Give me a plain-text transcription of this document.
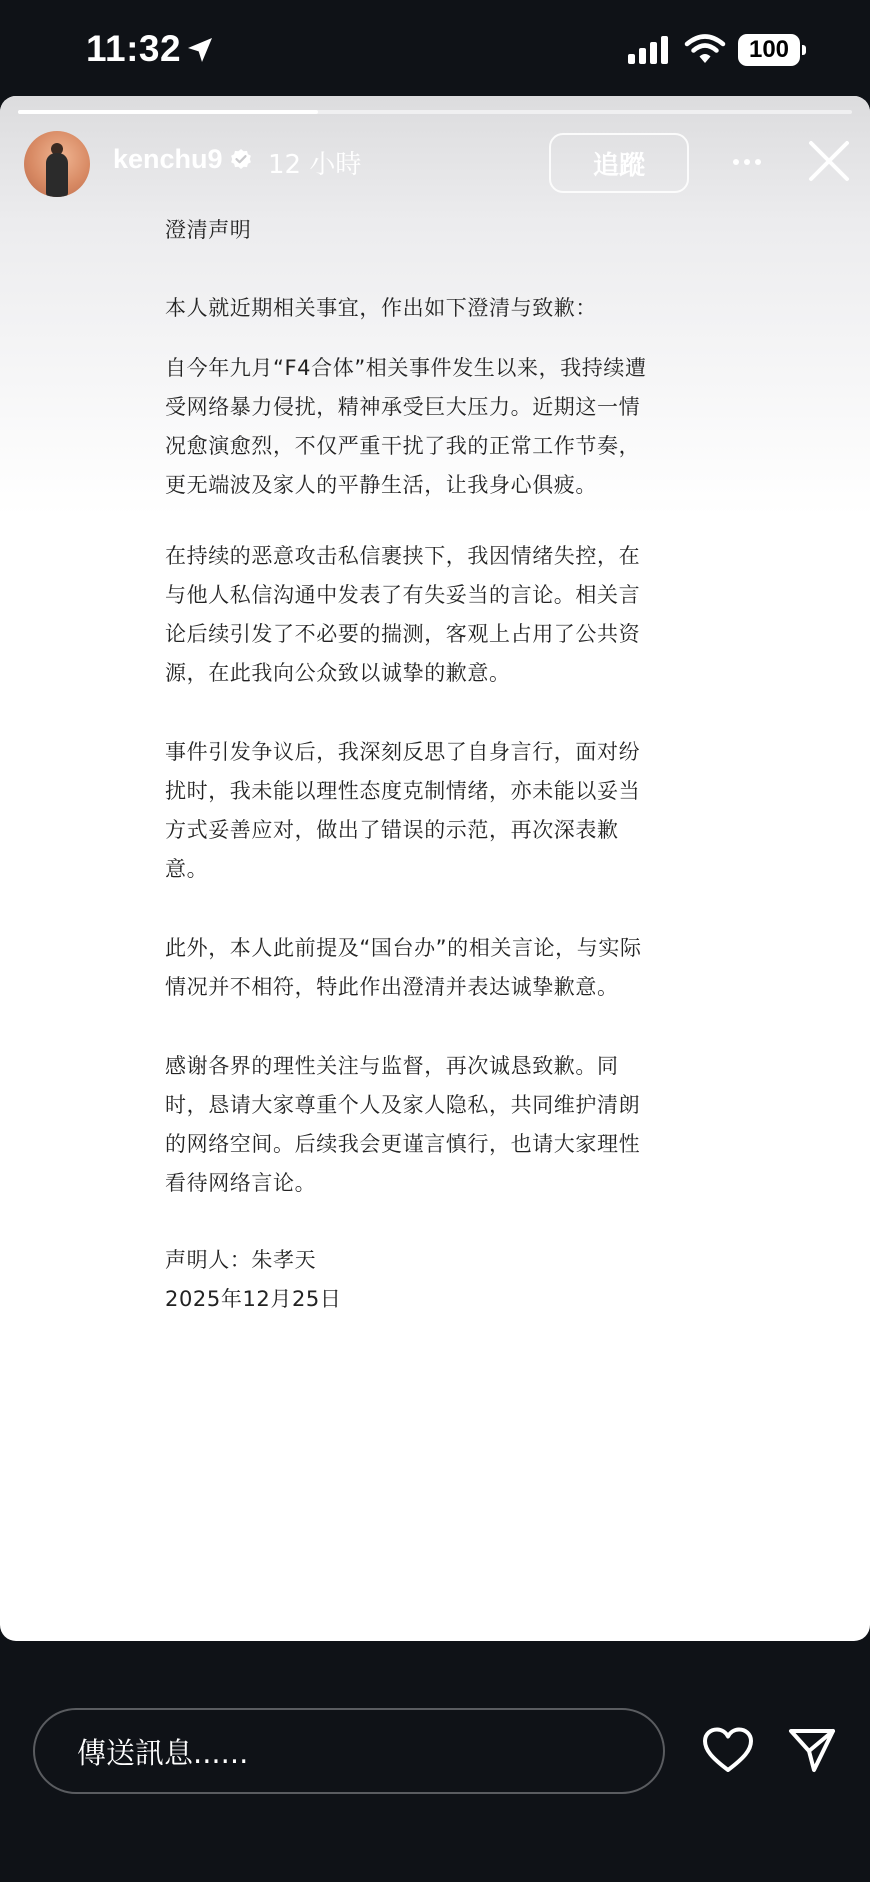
11:32	100
澄清声明
本人就近期相关事宜，作出如下澄清与致歉：
自今年九月“F4合体”相关事件发生以来，我持续遭
受网络暴力侵扰，精神承受巨大压力。近期这一情
况愈演愈烈，不仅严重干扰了我的正常工作节奏，
更无端波及家人的平静生活，让我身心俱疲。
在持续的恶意攻击私信裹挟下，我因情绪失控，在
与他人私信沟通中发表了有失妥当的言论。相关言
论后续引发了不必要的揣测，客观上占用了公共资
源，在此我向公众致以诚挚的歉意。
事件引发争议后，我深刻反思了自身言行，面对纷
扰时，我未能以理性态度克制情绪，亦未能以妥当
方式妥善应对，做出了错误的示范，再次深表歉
意。
此外，本人此前提及“国台办”的相关言论，与实际
情况并不相符，特此作出澄清并表达诚挚歉意。
感谢各界的理性关注与监督，再次诚恳致歉。同
时，恳请大家尊重个人及家人隐私，共同维护清朗
的网络空间。后续我会更谨言慎行，也请大家理性
看待网络言论。
声明人：朱孝天
2025年12月25日
kenchu9 12 小時	追蹤
傳送訊息......
